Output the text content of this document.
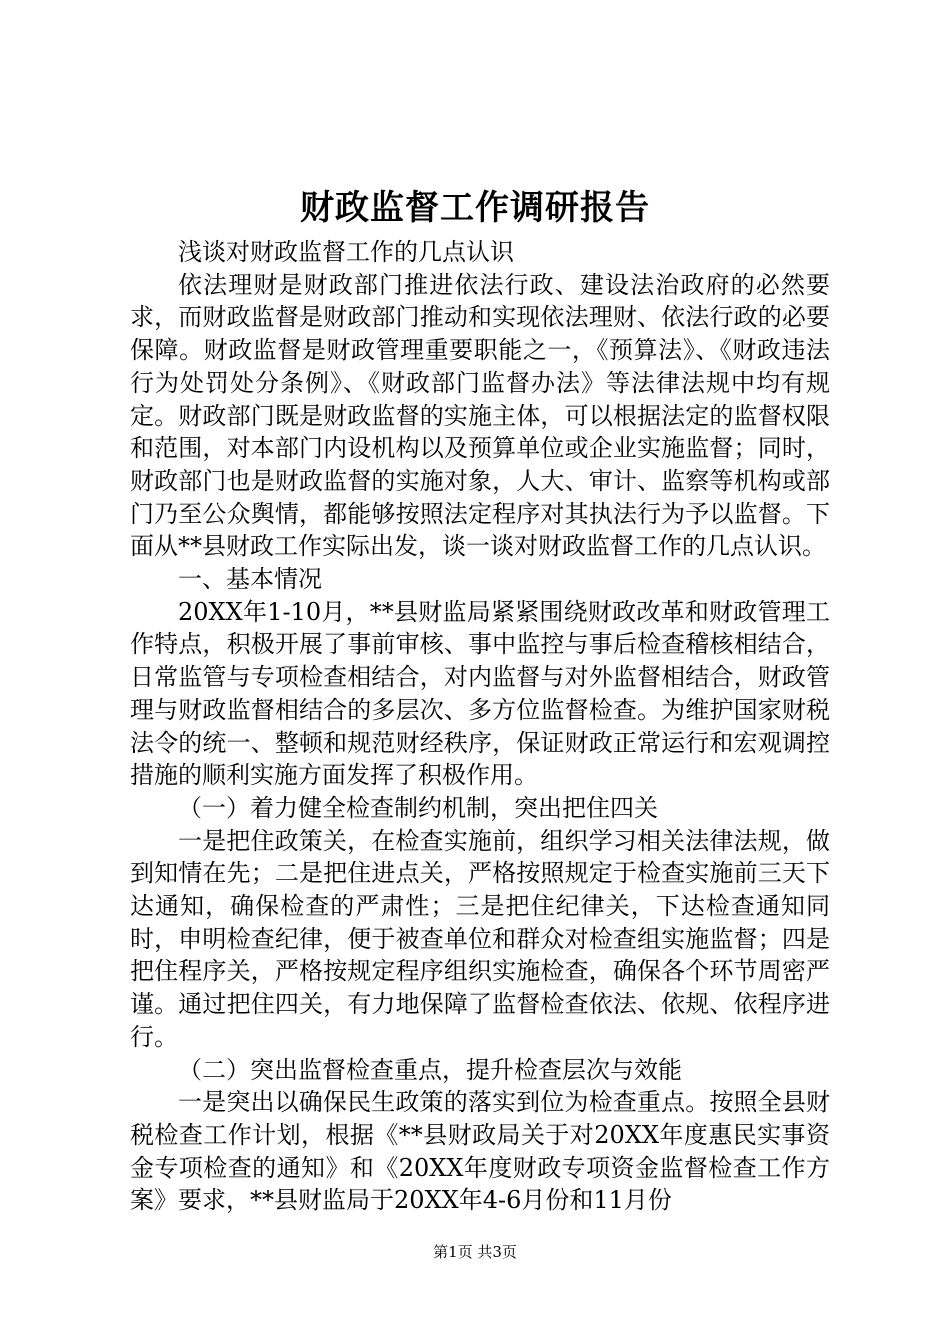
财政监督工作调研报告

浅谈对财政监督工作的几点认识

依法理财是财政部门推进依法行政、建设法治政府的必然要求，而财政监督是财政部门推动和实现依法理财、依法行政的必要保障。财政监督是财政管理重要职能之一，《预算法》、《财政违法行为处罚处分条例》、《财政部门监督办法》等法律法规中均有规定。财政部门既是财政监督的实施主体，可以根据法定的监督权限和范围，对本部门内设机构以及预算单位或企业实施监督；同时，财政部门也是财政监督的实施对象，人大、审计、监察等机构或部门乃至公众舆情，都能够按照法定程序对其执法行为予以监督。下面从**县财政工作实际出发，谈一谈对财政监督工作的几点认识。

一、基本情况

20XX年1-10月，**县财监局紧紧围绕财政改革和财政管理工作特点，积极开展了事前审核、事中监控与事后检查稽核相结合，日常监管与专项检查相结合，对内监督与对外监督相结合，财政管理与财政监督相结合的多层次、多方位监督检查。为维护国家财税法令的统一、整顿和规范财经秩序，保证财政正常运行和宏观调控措施的顺利实施方面发挥了积极作用。

（一）着力健全检查制约机制，突出把住四关

一是把住政策关，在检查实施前，组织学习相关法律法规，做到知情在先；二是把住进点关，严格按照规定于检查实施前三天下达通知，确保检查的严肃性；三是把住纪律关，下达检查通知同时，申明检查纪律，便于被查单位和群众对检查组实施监督；四是把住程序关，严格按规定程序组织实施检查，确保各个环节周密严谨。通过把住四关，有力地保障了监督检查依法、依规、依程序进行。

（二）突出监督检查重点，提升检查层次与效能

一是突出以确保民生政策的落实到位为检查重点。按照全县财税检查工作计划，根据《**县财政局关于对20XX年度惠民实事资金专项检查的通知》和《20XX年度财政专项资金监督检查工作方案》要求，**县财监局于20XX年4-6月份和11月份

第1页 共3页
